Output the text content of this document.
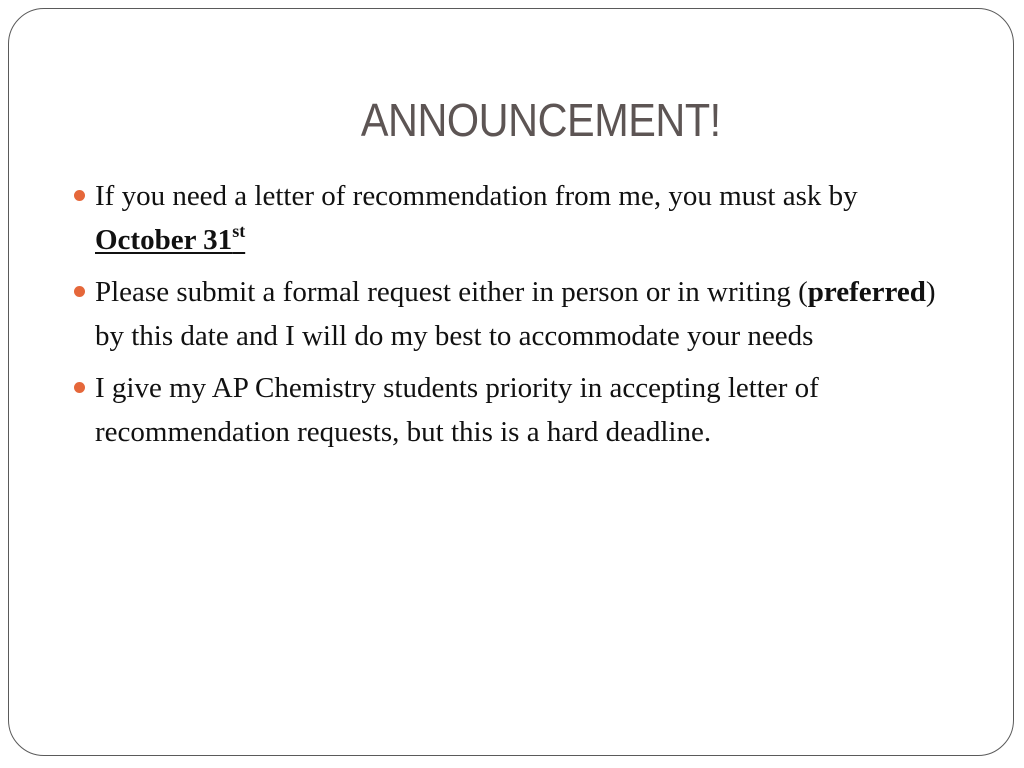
ANNOUNCEMENT!
If you need a letter of recommendation from me, you must ask by October 31st
Please submit a formal request either in person or in writing (preferred) by this date and I will do my best to accommodate your needs
I give my AP Chemistry students priority in accepting letter of recommendation requests, but this is a hard deadline.
